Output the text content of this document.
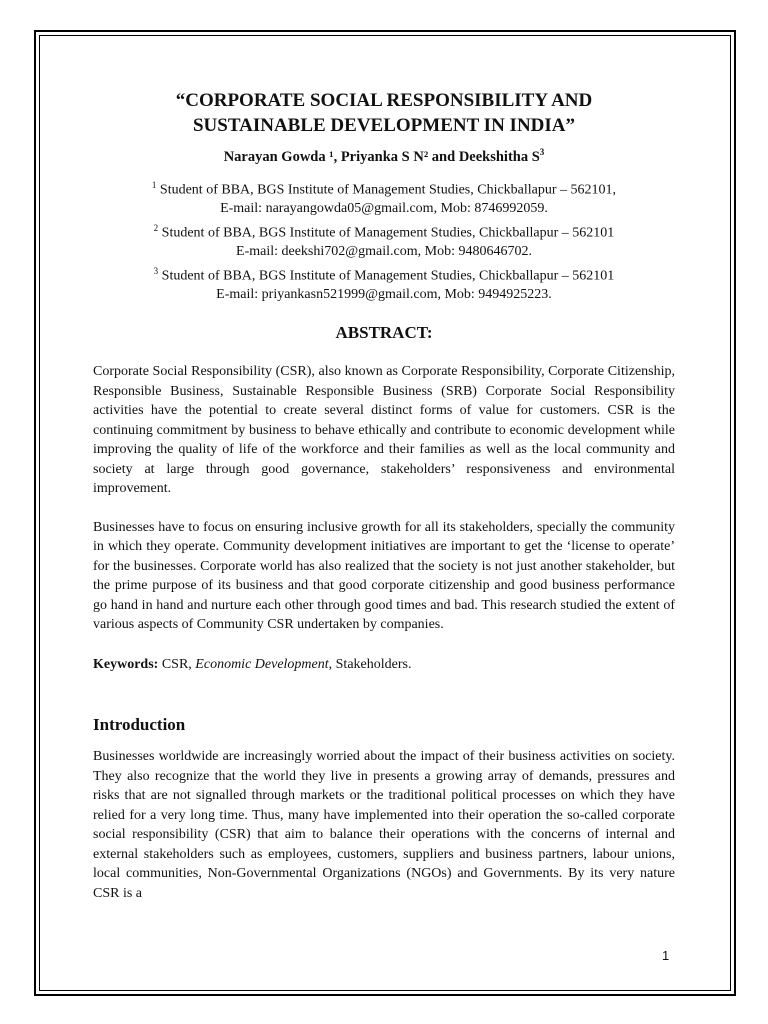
“CORPORATE SOCIAL RESPONSIBILITY AND
SUSTAINABLE DEVELOPMENT IN INDIA”
Narayan Gowda ¹, Priyanka S N² and Deekshitha $S^3$
$^1$ Student of BBA, BGS Institute of Management Studies, Chickballapur – 562101,
E-mail: narayangowda05@gmail.com, Mob: 8746992059.
$^2$ Student of BBA, BGS Institute of Management Studies, Chickballapur – 562101
E-mail: deekshi702@gmail.com, Mob: 9480646702.
$^3$ Student of BBA, BGS Institute of Management Studies, Chickballapur – 562101
E-mail: priyankasn521999@gmail.com, Mob: 9494925223.
ABSTRACT:

Corporate Social Responsibility (CSR), also known as Corporate Responsibility, Corporate Citizenship, Responsible Business, Sustainable Responsible Business (SRB) Corporate Social Responsibility activities have the potential to create several distinct forms of value for customers. CSR is the continuing commitment by business to behave ethically and contribute to economic development while improving the quality of life of the workforce and their families as well as the local community and society at large through good governance, stakeholders’ responsiveness and environmental improvement.

Businesses have to focus on ensuring inclusive growth for all its stakeholders, specially the community in which they operate. Community development initiatives are important to get the ‘license to operate’ for the businesses. Corporate world has also realized that the society is not just another stakeholder, but the prime purpose of its business and that good corporate citizenship and good business performance go hand in hand and nurture each other through good times and bad. This research studied the extent of various aspects of Community CSR undertaken by companies.

Keywords: CSR, Economic Development, Stakeholders.

Introduction

Businesses worldwide are increasingly worried about the impact of their business activities on society. They also recognize that the world they live in presents a growing array of demands, pressures and risks that are not signalled through markets or the traditional political processes on which they have relied for a very long time. Thus, many have implemented into their operation the so-called corporate social responsibility (CSR) that aim to balance their operations with the concerns of internal and external stakeholders such as employees, customers, suppliers and business partners, labour unions, local communities, Non-Governmental Organizations (NGOs) and Governments. By its very nature CSR is a

1
